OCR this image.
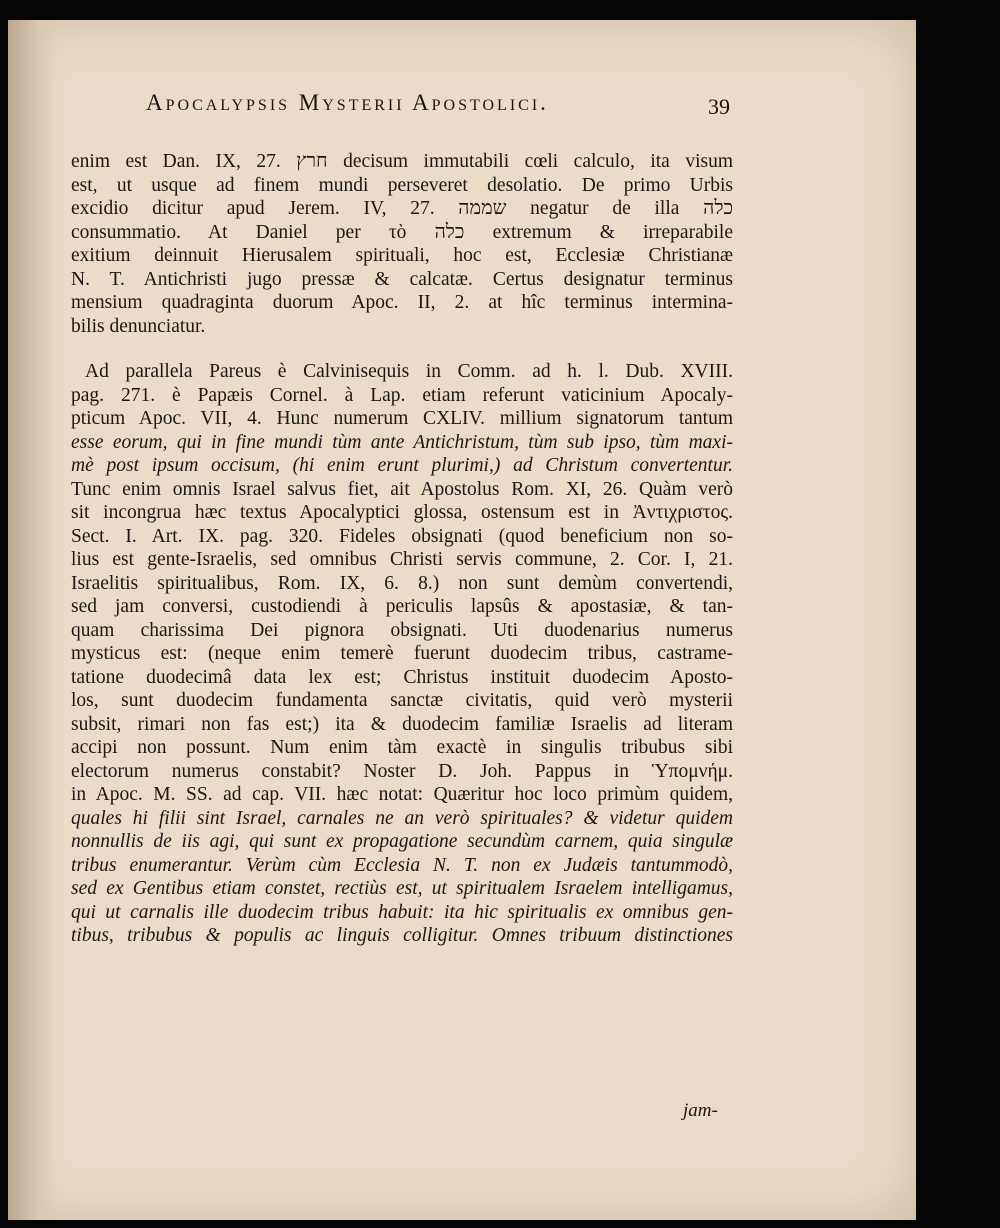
Apocalypsis Mysterii Apostolici.	39
enim est Dan. IX, 27. חרץ decisum immutabili cœli calculo, ita visum
est, ut usque ad finem mundi perseveret desolatio. De primo Urbis
excidio dicitur apud Jerem. IV, 27. שממה negatur de illa כלה
consummatio. At Daniel per τὸ כלה extremum & irreparabile
exitium deinnuit Hierusalem spirituali, hoc est, Ecclesiæ Christianæ
N. T. Antichristi jugo pressæ & calcatæ. Certus designatur terminus
mensium quadraginta duorum Apoc. II, 2. at hîc terminus intermina-
bilis denunciatur.
Ad parallela Pareus è Calvinisequis in Comm. ad h. l. Dub. XVIII.
pag. 271. è Papæis Cornel. à Lap. etiam referunt vaticinium Apocaly-
pticum Apoc. VII, 4. Hunc numerum CXLIV. millium signatorum tantum
esse eorum, qui in fine mundi tùm ante Antichristum, tùm sub ipso, tùm maxi-
mè post ipsum occisum, (hi enim erunt plurimi,) ad Christum convertentur.
Tunc enim omnis Israel salvus fiet, ait Apostolus Rom. XI, 26. Quàm verò
sit incongrua hæc textus Apocalyptici glossa, ostensum est in Ἀντιχριστος.
Sect. I. Art. IX. pag. 320. Fideles obsignati (quod beneficium non so-
lius est gente-Israelis, sed omnibus Christi servis commune, 2. Cor. I, 21.
Israelitis spiritualibus, Rom. IX, 6. 8.) non sunt demùm convertendi,
sed jam conversi, custodiendi à periculis lapsûs & apostasiæ, & tan-
quam charissima Dei pignora obsignati. Uti duodenarius numerus
mysticus est: (neque enim temerè fuerunt duodecim tribus, castrame-
tatione duodecimâ data lex est; Christus instituit duodecim Aposto-
los, sunt duodecim fundamenta sanctæ civitatis, quid verò mysterii
subsit, rimari non fas est;) ita & duodecim familiæ Israelis ad literam
accipi non possunt. Num enim tàm exactè in singulis tribubus sibi
electorum numerus constabit? Noster D. Joh. Pappus in Ὑπομνήμ.
in Apoc. M. SS. ad cap. VII. hæc notat: Quæritur hoc loco primùm quidem,
quales hi filii sint Israel, carnales ne an verò spirituales? & videtur quidem
nonnullis de iis agi, qui sunt ex propagatione secundùm carnem, quia singulæ
tribus enumerantur. Verùm cùm Ecclesia N. T. non ex Judæis tantummodò,
sed ex Gentibus etiam constet, rectiùs est, ut spiritualem Israelem intelligamus,
qui ut carnalis ille duodecim tribus habuit: ita hic spiritualis ex omnibus gen-
tibus, tribubus & populis ac linguis colligitur. Omnes tribuum distinctiones
jam-
